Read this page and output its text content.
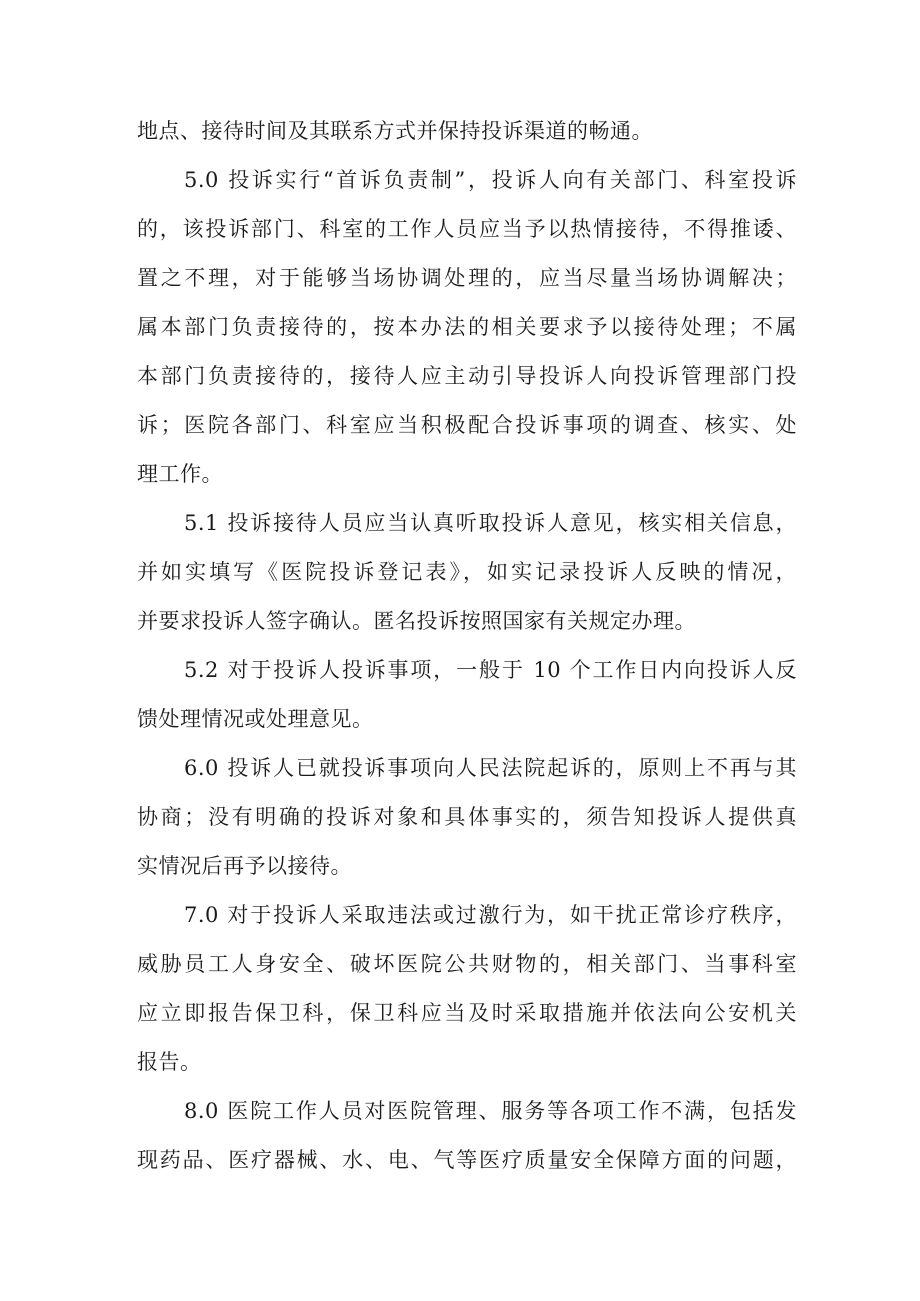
地点、接待时间及其联系方式并保持投诉渠道的畅通。
5.0 投诉实行“首诉负责制”，投诉人向有关部门、科室投诉
的，该投诉部门、科室的工作人员应当予以热情接待，不得推诿、
置之不理，对于能够当场协调处理的，应当尽量当场协调解决；
属本部门负责接待的，按本办法的相关要求予以接待处理；不属
本部门负责接待的，接待人应主动引导投诉人向投诉管理部门投
诉；医院各部门、科室应当积极配合投诉事项的调查、核实、处
理工作。
5.1 投诉接待人员应当认真听取投诉人意见，核实相关信息，
并如实填写《医院投诉登记表》，如实记录投诉人反映的情况，
并要求投诉人签字确认。匿名投诉按照国家有关规定办理。
5.2 对于投诉人投诉事项，一般于 10 个工作日内向投诉人反
馈处理情况或处理意见。
6.0 投诉人已就投诉事项向人民法院起诉的，原则上不再与其
协商；没有明确的投诉对象和具体事实的，须告知投诉人提供真
实情况后再予以接待。
7.0 对于投诉人采取违法或过激行为，如干扰正常诊疗秩序，
威胁员工人身安全、破坏医院公共财物的，相关部门、当事科室
应立即报告保卫科，保卫科应当及时采取措施并依法向公安机关
报告。
8.0 医院工作人员对医院管理、服务等各项工作不满，包括发
现药品、医疗器械、水、电、气等医疗质量安全保障方面的问题，
